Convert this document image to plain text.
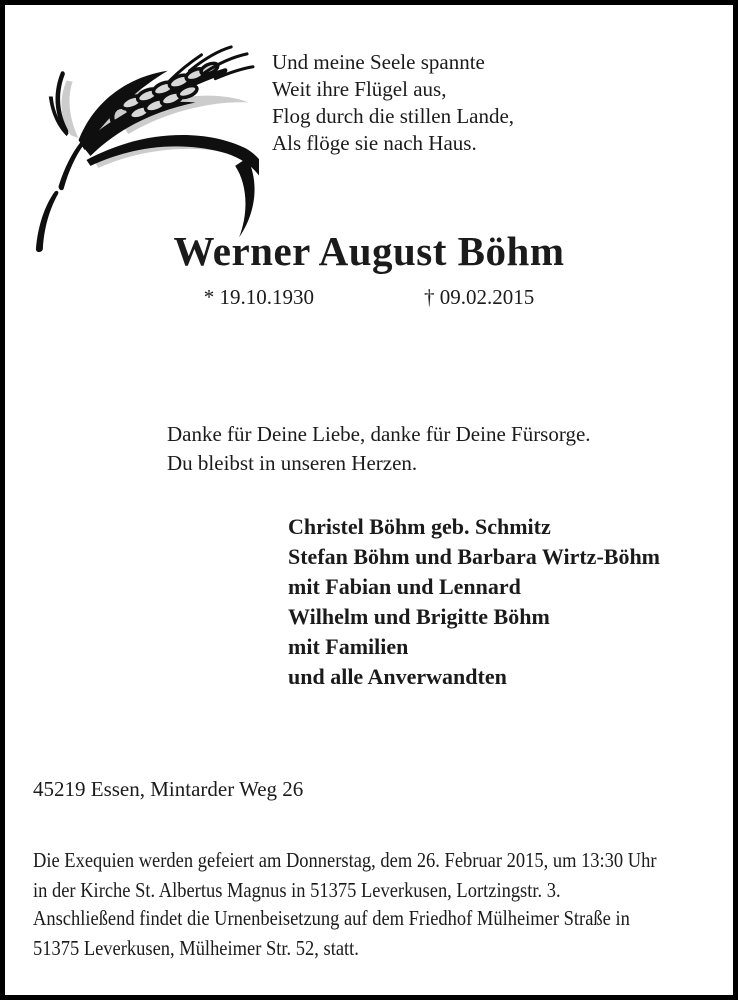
Und meine Seele spannte
Weit ihre Flügel aus,
Flog durch die stillen Lande,
Als flöge sie nach Haus.
Werner August Böhm
* 19.10.1930	† 09.02.2015
Danke für Deine Liebe, danke für Deine Fürsorge.
Du bleibst in unseren Herzen.
Christel Böhm geb. Schmitz
Stefan Böhm und Barbara Wirtz-Böhm
mit Fabian und Lennard
Wilhelm und Brigitte Böhm
mit Familien
und alle Anverwandten
45219 Essen, Mintarder Weg 26
Die Exequien werden gefeiert am Donnerstag, dem 26. Februar 2015, um 13:30 Uhr
in der Kirche St. Albertus Magnus in 51375 Leverkusen, Lortzingstr. 3.
Anschließend findet die Urnenbeisetzung auf dem Friedhof Mülheimer Straße in
51375 Leverkusen, Mülheimer Str. 52, statt.
